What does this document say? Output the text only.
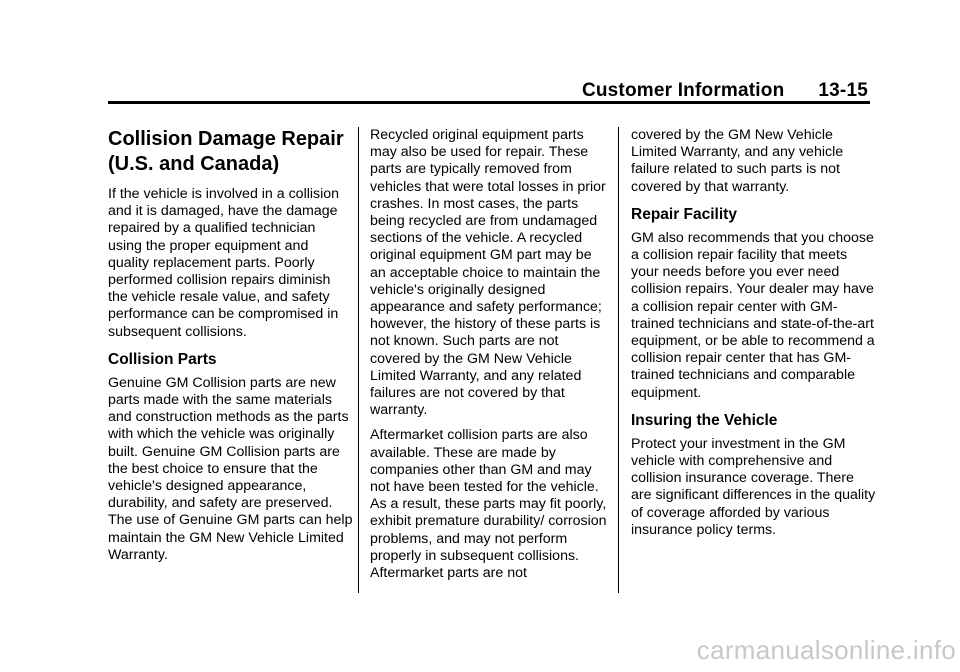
Customer Information 13-15
Collision Damage Repair (U.S. and Canada)

If the vehicle is involved in a collision and it is damaged, have the damage repaired by a qualified technician using the proper equipment and quality replacement parts. Poorly performed collision repairs diminish the vehicle resale value, and safety performance can be compromised in subsequent collisions.

Collision Parts

Genuine GM Collision parts are new parts made with the same materials and construction methods as the parts with which the vehicle was originally built. Genuine GM Collision parts are the best choice to ensure that the vehicle's designed appearance, durability, and safety are preserved. The use of Genuine GM parts can help maintain the GM New Vehicle Limited Warranty.

Recycled original equipment parts may also be used for repair. These parts are typically removed from vehicles that were total losses in prior crashes. In most cases, the parts being recycled are from undamaged sections of the vehicle. A recycled original equipment GM part may be an acceptable choice to maintain the vehicle's originally designed appearance and safety performance; however, the history of these parts is not known. Such parts are not covered by the GM New Vehicle Limited Warranty, and any related failures are not covered by that warranty.

Aftermarket collision parts are also available. These are made by companies other than GM and may not have been tested for the vehicle. As a result, these parts may fit poorly, exhibit premature durability/ corrosion problems, and may not perform properly in subsequent collisions. Aftermarket parts are not

covered by the GM New Vehicle Limited Warranty, and any vehicle failure related to such parts is not covered by that warranty.

Repair Facility

GM also recommends that you choose a collision repair facility that meets your needs before you ever need collision repairs. Your dealer may have a collision repair center with GM-trained technicians and state-of-the-art equipment, or be able to recommend a collision repair center that has GM-trained technicians and comparable equipment.

Insuring the Vehicle

Protect your investment in the GM vehicle with comprehensive and collision insurance coverage. There are significant differences in the quality of coverage afforded by various insurance policy terms.

carmanualsonline.info
